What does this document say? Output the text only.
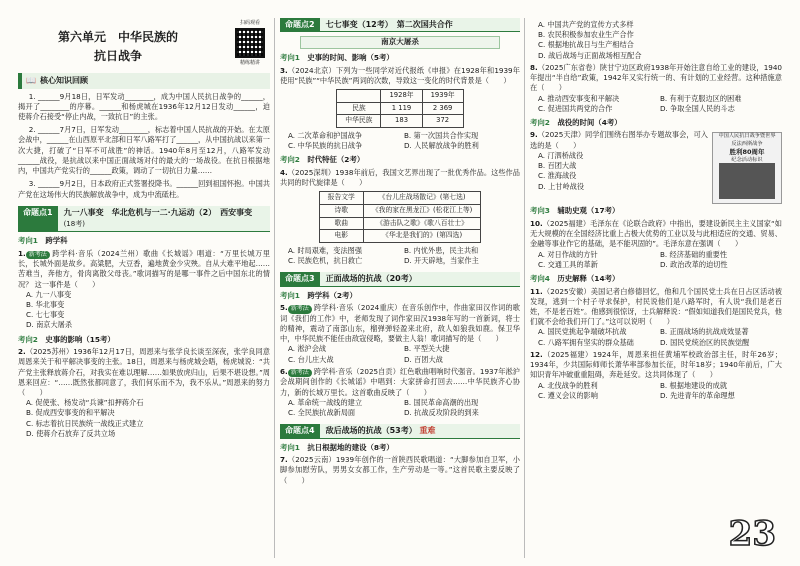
第六单元　中华民族的
抗日战争
扫码观看
精练精讲
📖 核心知识回顾
1. ______9月18日，日军发动________，成为中国人民抗日战争的______，揭开了________的序幕。______和杨虎城在1936年12月12日发动______，迫使蒋介石接受“停止内战，一致抗日”的主张。
2. ______7月7日，日军发动________，标志着中国人民抗战的开始。在太原会战中，______在山西原平北部和日军八路军打了______，从中国抗战以来第一次大捷，打破了“日军不可战胜”的神话。1940年8月至12月，八路军发动______战役，是抗战以来中国正面战场对付的最大的一场战役。在抗日根据地内，中国共产党实行的______政策，调动了一切抗日力量……
3. ______9月2日，日本政府正式签署投降书。______回到祖国怀抱。中国共产党在这场伟大的民族解放战争中，成为中流砥柱。
命题点1	九一八事变　华北危机与一二·九运动（2）　西安事变 (18考)
考向1　 跨学科
1. 新考法 跨学科·音乐（2024兰州）歌曲《长城谣》唱道：“万里长城万里长，长城外面是故乡。高粱肥，大豆香，遍地黄金少灾殃。自从大难平地起……苦难当，奔他方，骨肉离散父母丧。”歌词描写的是哪一事件之后中国东北的情况？ 这一事件是（　　）
A. 九一八事变
B. 华北事变
C. 七七事变
D. 南京大屠杀
考向2　 史事的影响（15考）
2.（2025苏州）1936年12月17日，周恩来与张学良长谈至深夜，张学良同意周恩来关于和平解决事变的主张。18日，周恩来与杨虎城会晤，杨虎城说：“共产党主张释放蒋介石，对我实在难以理解……如果放虎归山，后果不堪设想。”周恩来回应：“……既然张都同意了，我们何乐而不为，我不乐从。”周恩来的努力（　　）
A. 促使张、杨发动“兵谏”扣押蒋介石
B. 促成西安事变的和平解决
C. 标志着抗日民族统一战线正式建立
D. 使蒋介石放弃了反共立场
命题点2	七七事变（12考）　第二次国共合作
南京大屠杀
考向1　 史事的时间、影响（5考）
3.（2024北京）下列为一些同学对近代报纸《申报》在1928年和1939年使用“民族”“中华民族”两词的次数，导致这一变化的时代背景是（　　）
	1928年	1939年
民族	1 119	2 369
中华民族	183	372
A. 二次革命和护国战争	B. 第一次国共合作实现
C. 中华民族的抗日战争	D. 人民解放战争的胜利
考向2　 时代特征（2考）
4.（2025深圳）1938年前后，我国文艺界出现了一批优秀作品。这些作品共同的时代旋律是（　　）
报告文学	《台儿庄战场散记》(第七选)
诗歌	《我的家在黑龙江》(松花江上等)
歌曲	《游击队之歌》《歌八百壮士》
电影	《华北是我们的》(第四选)
A. 时局艰难，变法图强	B. 内忧外患，民主共和
C. 民族危机，抗日救亡	D. 开天辟地，当家作主
命题点3	正面战场的抗战（20考）
考向1　 跨学科（2考）
5. 新考法 跨学科·音乐（2024重庆）在音乐创作中，作曲家田汉作词的歌词《我们的工作》中，老师发现了词作家田汉1938年写的一首新词，将士的精神，震动了南部山东，榴弹弹轻盈来北府，敌人如狼我如鹿。保卫华中，中华民族不能任由敌寇侵略，要做主人翁！歌词描写的是（　　）
A. 淞沪会战	B. 平型关大捷
C. 台儿庄大战	D. 百团大战
6. 新考法 跨学科·音乐（2025自贡）红色歌曲唱响时代强音。1937年淞沪会战期间创作的《长城谣》中唱到：大家拼命打回去……中华民族齐心协力，新的长城万里长。这首歌曲反映了（　　）
A. 革命统一战线的建立	B. 国民革命高潮的出现
C. 全民族抗战新局面	D. 抗战反攻阶段的到来
命题点4	敌后战场的抗战（53考） 重难
考向1　 抗日根据地的建设（8考）
7.（2025云南）1939年创作的一首陕西民歌唱道：“大脚参加自卫军，小脚参加慰劳队，男男女女都工作，生产劳动是一等。”这首民歌主要反映了（　　）
A. 中国共产党的宣传方式多样
B. 农民积极参加农业生产合作
C. 根据地抗战日与生产相结合
D. 战后战场与正面战场相互配合
8.（2025广东省卷）陕甘宁边区政府1938年开始注意自给工业的建设，1940年提出“半自给”政策，1942年又实行统一的、有计划的工业经营。这种措施意在（　　）
A. 推动西安事变和平解决	B. 有利于克服边区的困难
C. 促进国共两党的合作	D. 争取全国人民的斗志
考向2　 战役的时间（4考）
中国人民抗日战争暨世界
反法西斯战争
胜利80周年
纪念活动标识
9.（2025天津）同学们围绕右图举办专题故事会，可入选的是（　　）
A. 汀泗桥战役
B. 百团大战
C. 淮海战役
D. 上甘岭战役
考向3　 辅助史观（17考）
10.（2025福建）毛泽东在《论联合政府》中指出，要建设新民主主义国家“如无大规模的在全国经济比重上占极大优势的工业以及与此相适应的交通、贸易、金融等事业作它的基础，是不能巩固的”。毛泽东意在强调（　　）
A. 对日作战的方针	B. 经济基础的重要性
C. 交通工具的革新	D. 政治改革的迫切性
考向4　 历史解释（14考）
11.（2025安徽）美国记者白修德回忆，他和几个国民党士兵在日占区活动被发现，逃到一个村子寻求保护，村民说他们是八路军时，有人说“我们是老百姓，不是老百姓”。他感到很惊讶，士兵解释说：“假如知道我们是国民党兵，他们就不会给我们开门了。”这可以说明（　　）
A. 国民党挑起争端破坏抗战	B. 正面战场的抗战成效显著
C. 八路军拥有坚实的群众基础	D. 国民党统治区的民族觉醒
12.（2025福建）1924年，周恩来担任黄埔军校政治部主任，时年26岁；1934年，少共国际师师长萧华率部参加长征，时年18岁；1940年前后，广大知识青年冲破重重阻碍，奔赴延安。这共同体现了（　　）
A. 北伐战争的胜利	B. 根据地建设的成就
C. 遵义会议的影响	D. 先进青年的革命理想
23
